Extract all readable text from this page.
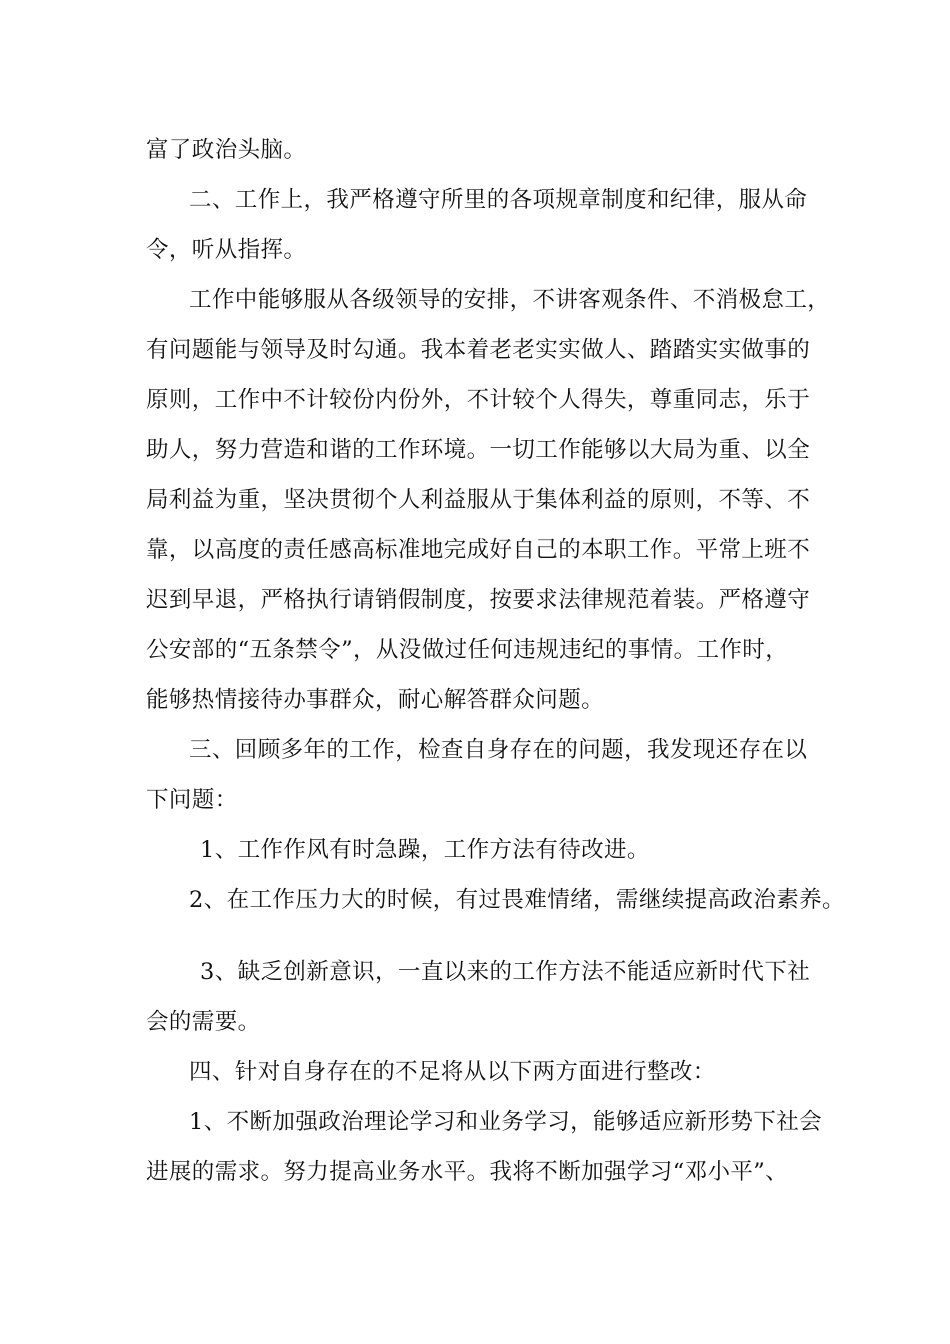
富了政治头脑。
二、工作上，我严格遵守所里的各项规章制度和纪律，服从命
令，听从指挥。
工作中能够服从各级领导的安排，不讲客观条件、不消极怠工，
有问题能与领导及时勾通。我本着老老实实做人、踏踏实实做事的
原则，工作中不计较份内份外，不计较个人得失，尊重同志，乐于
助人，努力营造和谐的工作环境。一切工作能够以大局为重、以全
局利益为重，坚决贯彻个人利益服从于集体利益的原则，不等、不
靠，以高度的责任感高标准地完成好自己的本职工作。平常上班不
迟到早退，严格执行请销假制度，按要求法律规范着装。严格遵守
公安部的“五条禁令”，从没做过任何违规违纪的事情。工作时，
能够热情接待办事群众，耐心解答群众问题。
三、回顾多年的工作，检查自身存在的问题，我发现还存在以
下问题：
1、工作作风有时急躁，工作方法有待改进。
2、在工作压力大的时候，有过畏难情绪，需继续提高政治素养。
3、缺乏创新意识，一直以来的工作方法不能适应新时代下社
会的需要。
四、针对自身存在的不足将从以下两方面进行整改：
1、不断加强政治理论学习和业务学习，能够适应新形势下社会
进展的需求。努力提高业务水平。我将不断加强学习“邓小平”、
